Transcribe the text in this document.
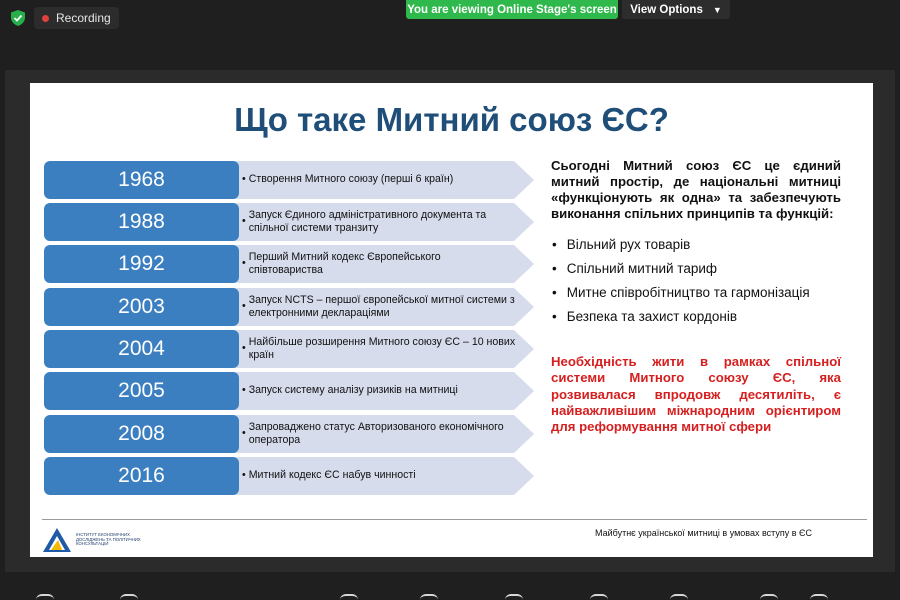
Recording
You are viewing Online Stage's screen View Options ▼
Що таке Митний союз ЄС?
1968	• Створення Митного союзу (перші 6 країн)
1988	• Запуск Єдиного адміністративного документа та спільної системи транзиту
1992	• Перший Митний кодекс Європейського співтовариства
2003	• Запуск NCTS – першої європейської митної системи з електронними деклараціями
2004	• Найбільше розширення Митного союзу ЄС – 10 нових країн
2005	• Запуск систему аналізу ризиків на митниці
2008	• Запроваджено статус Авторизованого економічного оператора
2016	• Митний кодекс ЄС набув чинності

Сьогодні Митний союз ЄС це єдиний митний простір, де національні митниці «функціонують як одна» та забезпечують виконання спільних принципів та функцій:

• Вільний рух товарів
• Спільний митний тариф
• Митне співробітництво та гармонізація
• Безпека та захист кордонів

Необхідність жити в рамках спільної системи Митного союзу ЄС, яка розвивалася впродовж десятиліть, є найважливішим міжнародним орієнтиром для реформування митної сфери

ІНСТИТУТ ЕКОНОМІЧНИХ ДОСЛІДЖЕНЬ ТА ПОЛІТИЧНИХ КОНСУЛЬТАЦІЙ
Майбутнє української митниці в умовах вступу в ЄС
